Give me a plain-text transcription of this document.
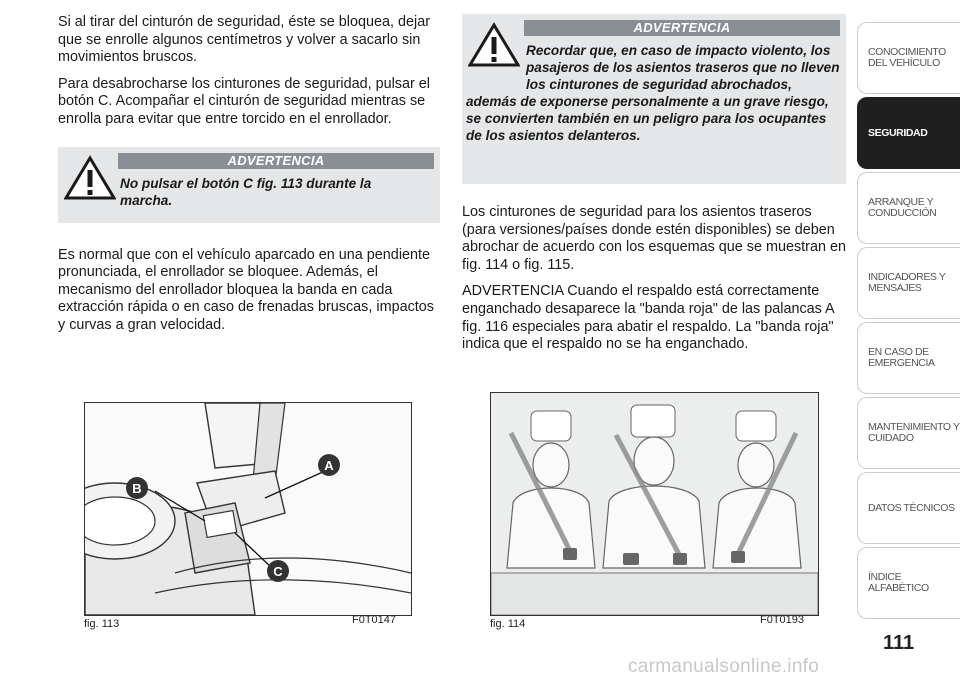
Si al tirar del cinturón de seguridad, éste se bloquea, dejar que se enrolle algunos centímetros y volver a sacarlo sin movimientos bruscos.

Para desabrocharse los cinturones de seguridad, pulsar el botón C. Acompañar el cinturón de seguridad mientras se enrolla para evitar que entre torcido en el enrollador.

ADVERTENCIA
No pulsar el botón C fig. 113 durante la marcha.

Es normal que con el vehículo aparcado en una pendiente pronunciada, el enrollador se bloquee. Además, el mecanismo del enrollador bloquea la banda en cada extracción rápida o en caso de frenadas bruscas, impactos y curvas a gran velocidad.

ADVERTENCIA
Recordar que, en caso de impacto violento, los pasajeros de los asientos traseros que no lleven los cinturones de seguridad abrochados, además de exponerse personalmente a un grave riesgo, se convierten también en un peligro para los ocupantes de los asientos delanteros.

Los cinturones de seguridad para los asientos traseros (para versiones/países donde estén disponibles) se deben abrochar de acuerdo con los esquemas que se muestran en fig. 114 o fig. 115.

ADVERTENCIA Cuando el respaldo está correctamente enganchado desaparece la "banda roja" de las palancas A fig. 116 especiales para abatir el respaldo. La "banda roja" indica que el respaldo no se ha enganchado.

B
A
C
fig. 113	F0T0147	fig. 114	F0T0193
CONOCIMIENTO DEL VEHÍCULO
SEGURIDAD
ARRANQUE Y CONDUCCIÓN
INDICADORES Y MENSAJES
EN CASO DE EMERGENCIA
MANTENIMIENTO Y CUIDADO
DATOS TÉCNICOS
ÍNDICE ALFABÉTICO
111
carmanualsonline.info
